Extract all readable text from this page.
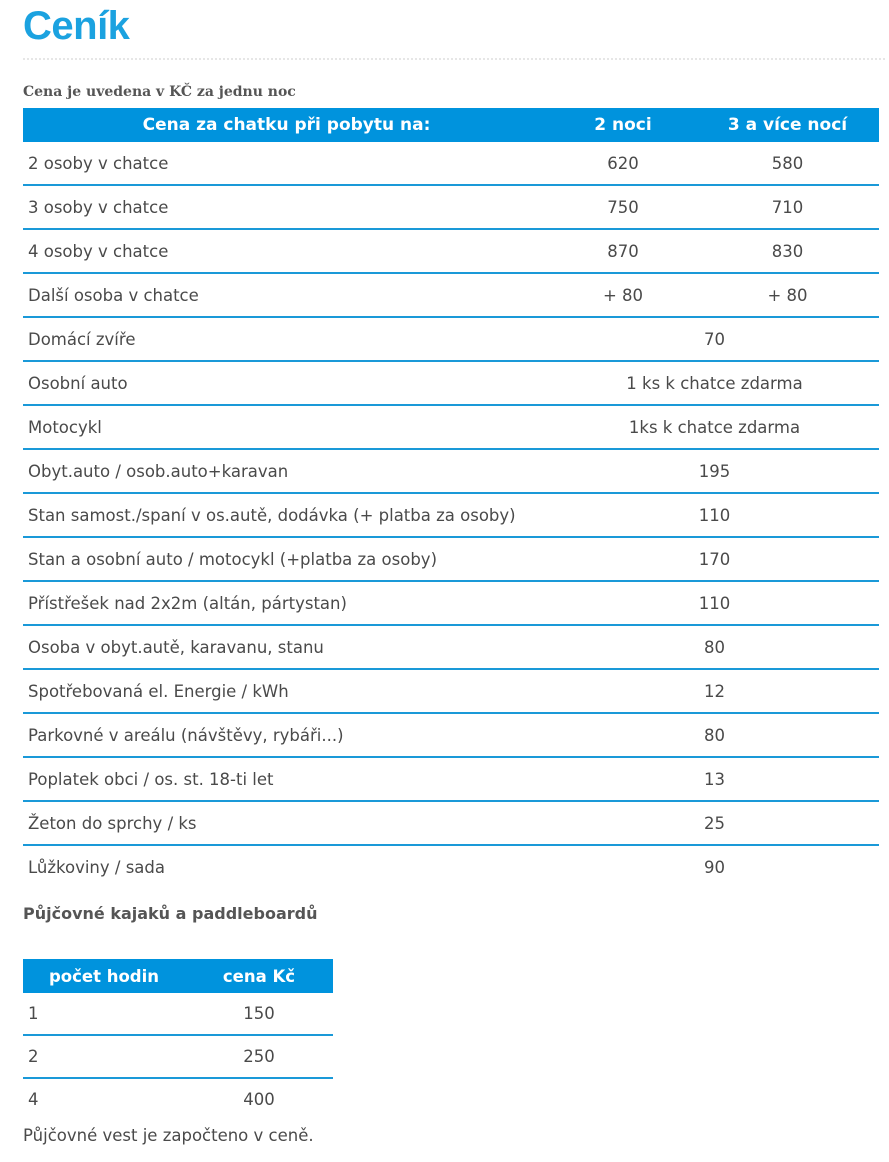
Ceník
Cena je uvedena v KČ za jednu noc
Cena za chatku při pobytu na:	2 noci	3 a více nocí
2 osoby v chatce	620	580
3 osoby v chatce	750	710
4 osoby v chatce	870	830
Další osoba v chatce	+ 80	+ 80
Domácí zvíře	70	
Osobní auto	1 ks k chatce zdarma	
Motocykl	1ks k chatce zdarma	
Obyt.auto / osob.auto+karavan	195	
Stan samost./spaní v os.autě, dodávka (+ platba za osoby)	110	
Stan a osobní auto / motocykl (+platba za osoby)	170	
Přístřešek nad 2x2m (altán, pártystan)	110	
Osoba v obyt.autě, karavanu, stanu	80	
Spotřebovaná el. Energie / kWh	12	
Parkovné v areálu (návštěvy, rybáři...)	80	
Poplatek obci / os. st. 18-ti let	13	
Žeton do sprchy / ks	25	
Lůžkoviny / sada	90	
Půjčovné kajaků a paddleboardů
počet hodin	cena Kč
1	150
2	250
4	400
Půjčovné vest je započteno v ceně.
